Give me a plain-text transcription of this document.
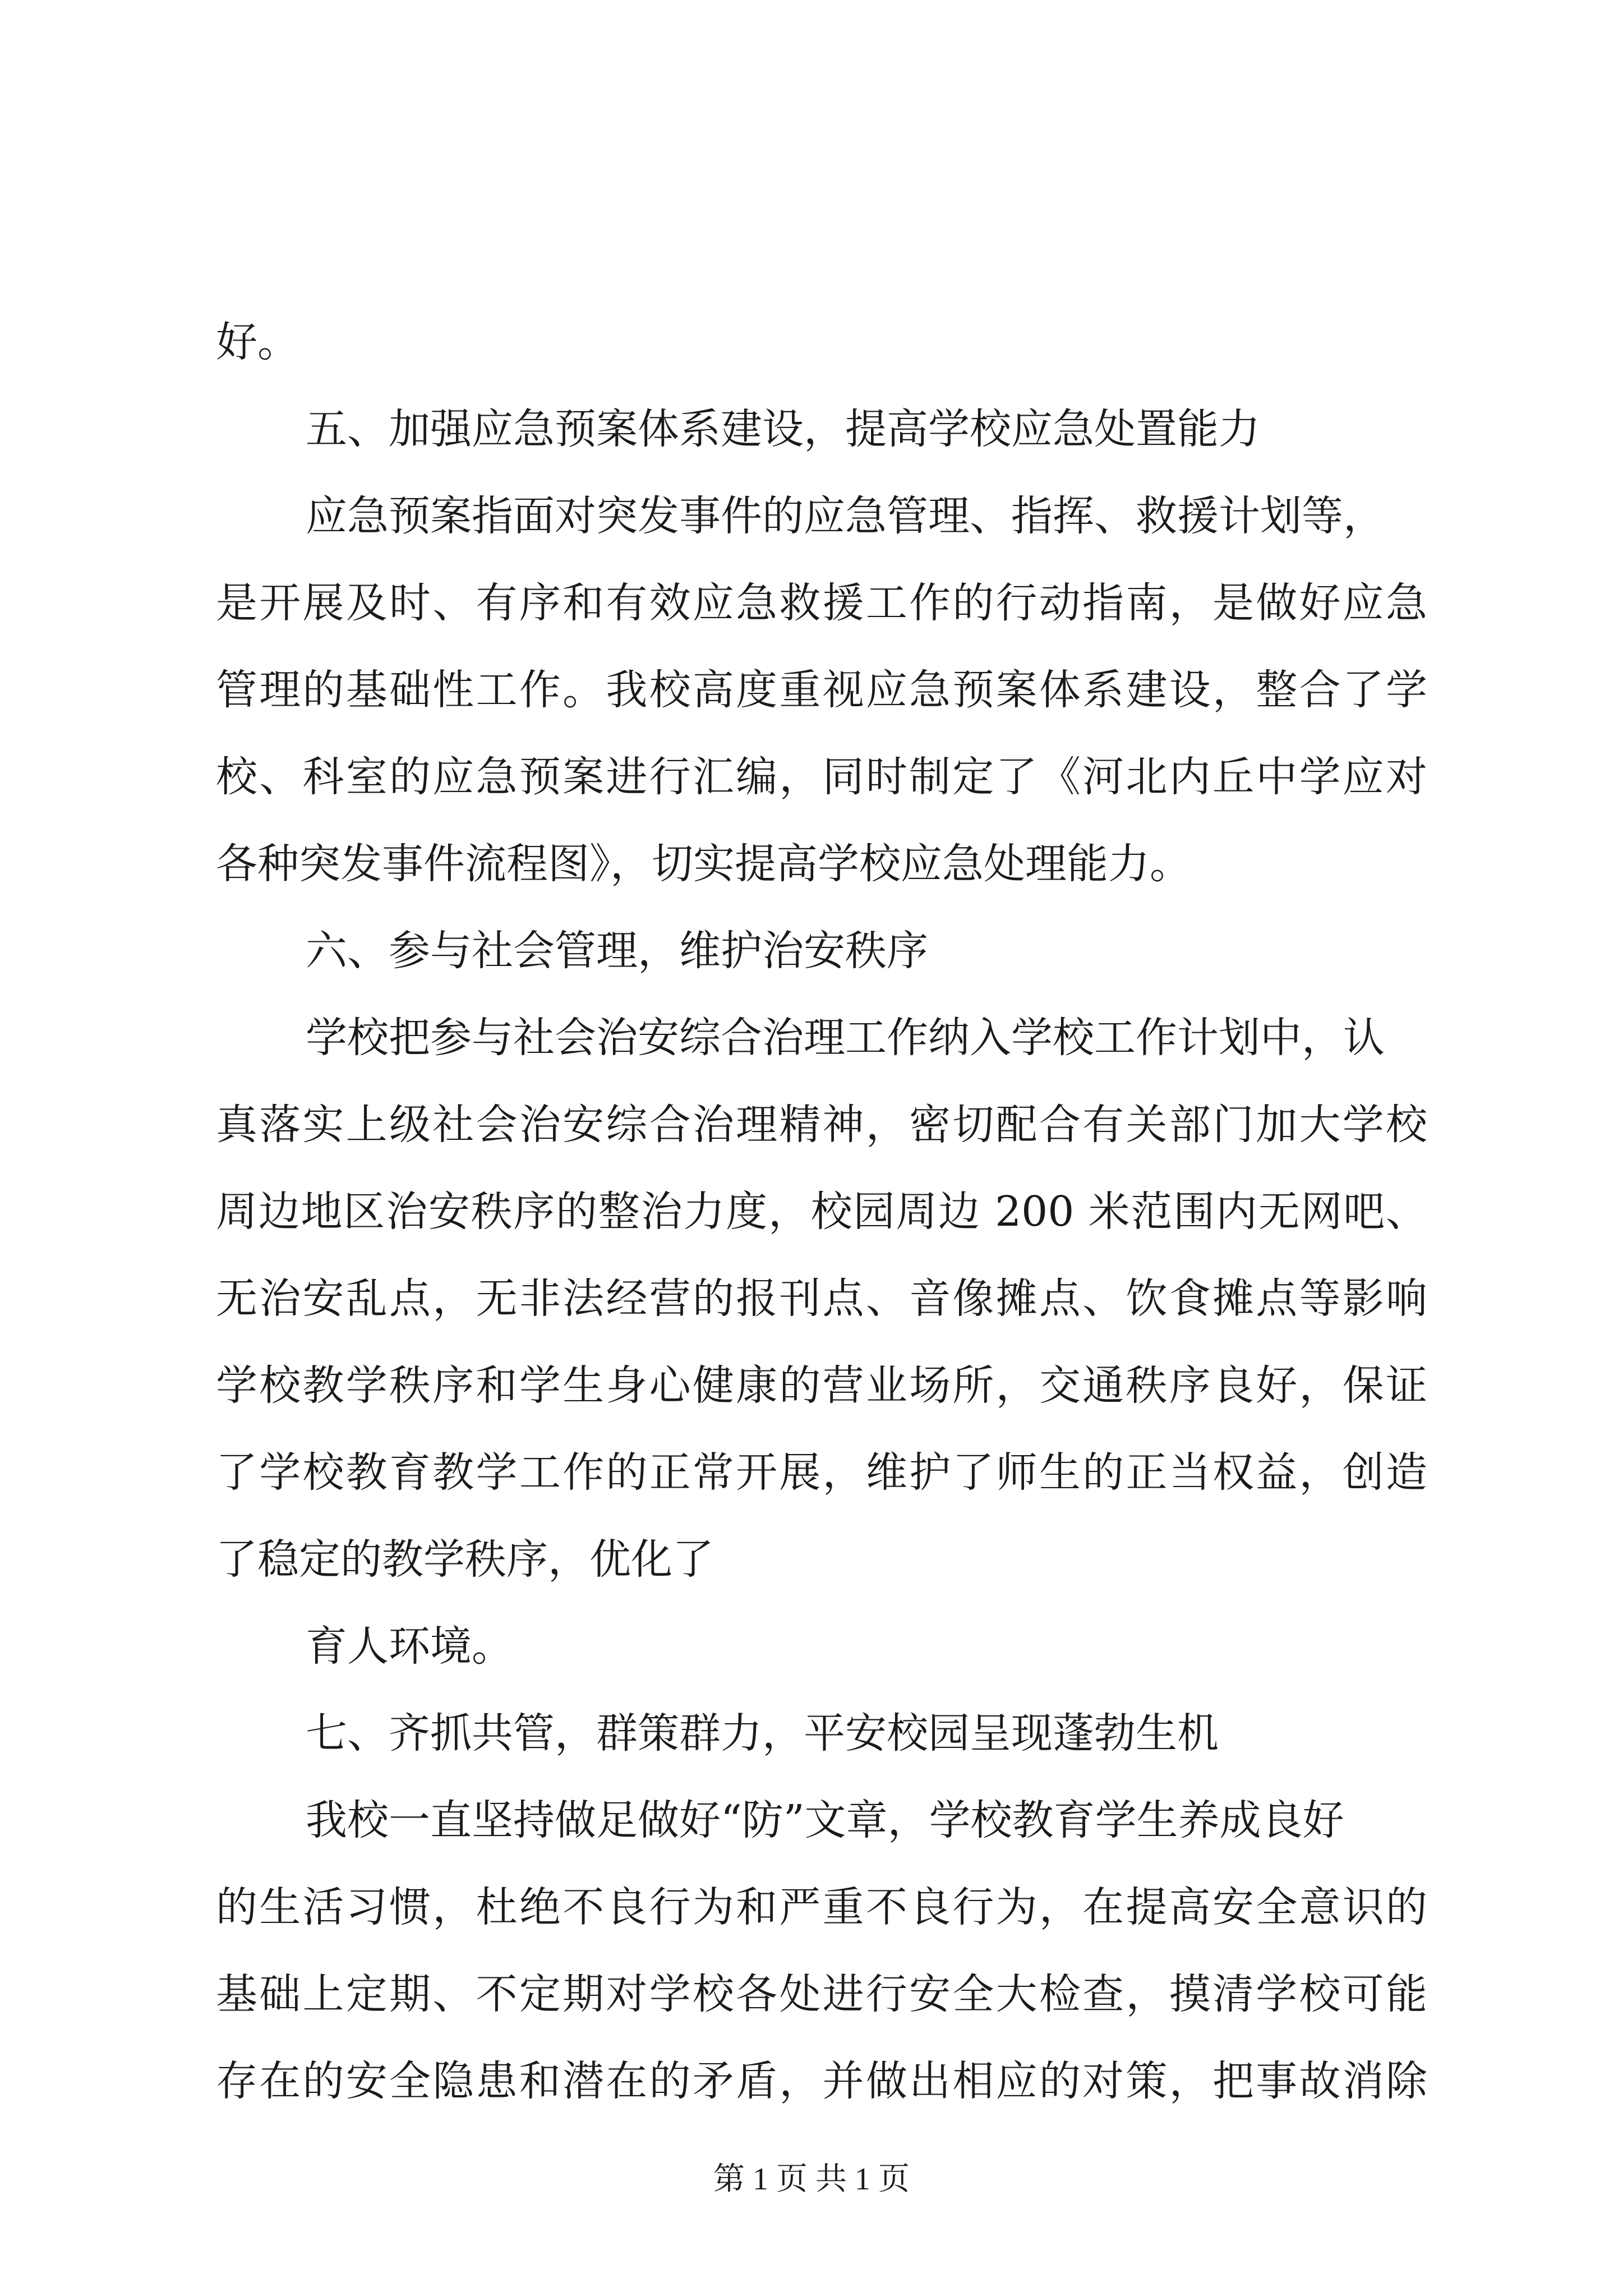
好。
五、加强应急预案体系建设，提高学校应急处置能力
应急预案指面对突发事件的应急管理、指挥、救援计划等，
是开展及时、有序和有效应急救援工作的行动指南，是做好应急
管理的基础性工作。我校高度重视应急预案体系建设，整合了学
校、科室的应急预案进行汇编，同时制定了《河北内丘中学应对
各种突发事件流程图》，切实提高学校应急处理能力。
六、参与社会管理，维护治安秩序
学校把参与社会治安综合治理工作纳入学校工作计划中，认
真落实上级社会治安综合治理精神，密切配合有关部门加大学校
周边地区治安秩序的整治力度，校园周边 200 米范围内无网吧、
无治安乱点，无非法经营的报刊点、音像摊点、饮食摊点等影响
学校教学秩序和学生身心健康的营业场所，交通秩序良好，保证
了学校教育教学工作的正常开展，维护了师生的正当权益，创造
了稳定的教学秩序，优化了
育人环境。
七、齐抓共管，群策群力，平安校园呈现蓬勃生机
我校一直坚持做足做好“防”文章，学校教育学生养成良好
的生活习惯，杜绝不良行为和严重不良行为，在提高安全意识的
基础上定期、不定期对学校各处进行安全大检查，摸清学校可能
存在的安全隐患和潜在的矛盾，并做出相应的对策，把事故消除
第 1 页 共 1 页
